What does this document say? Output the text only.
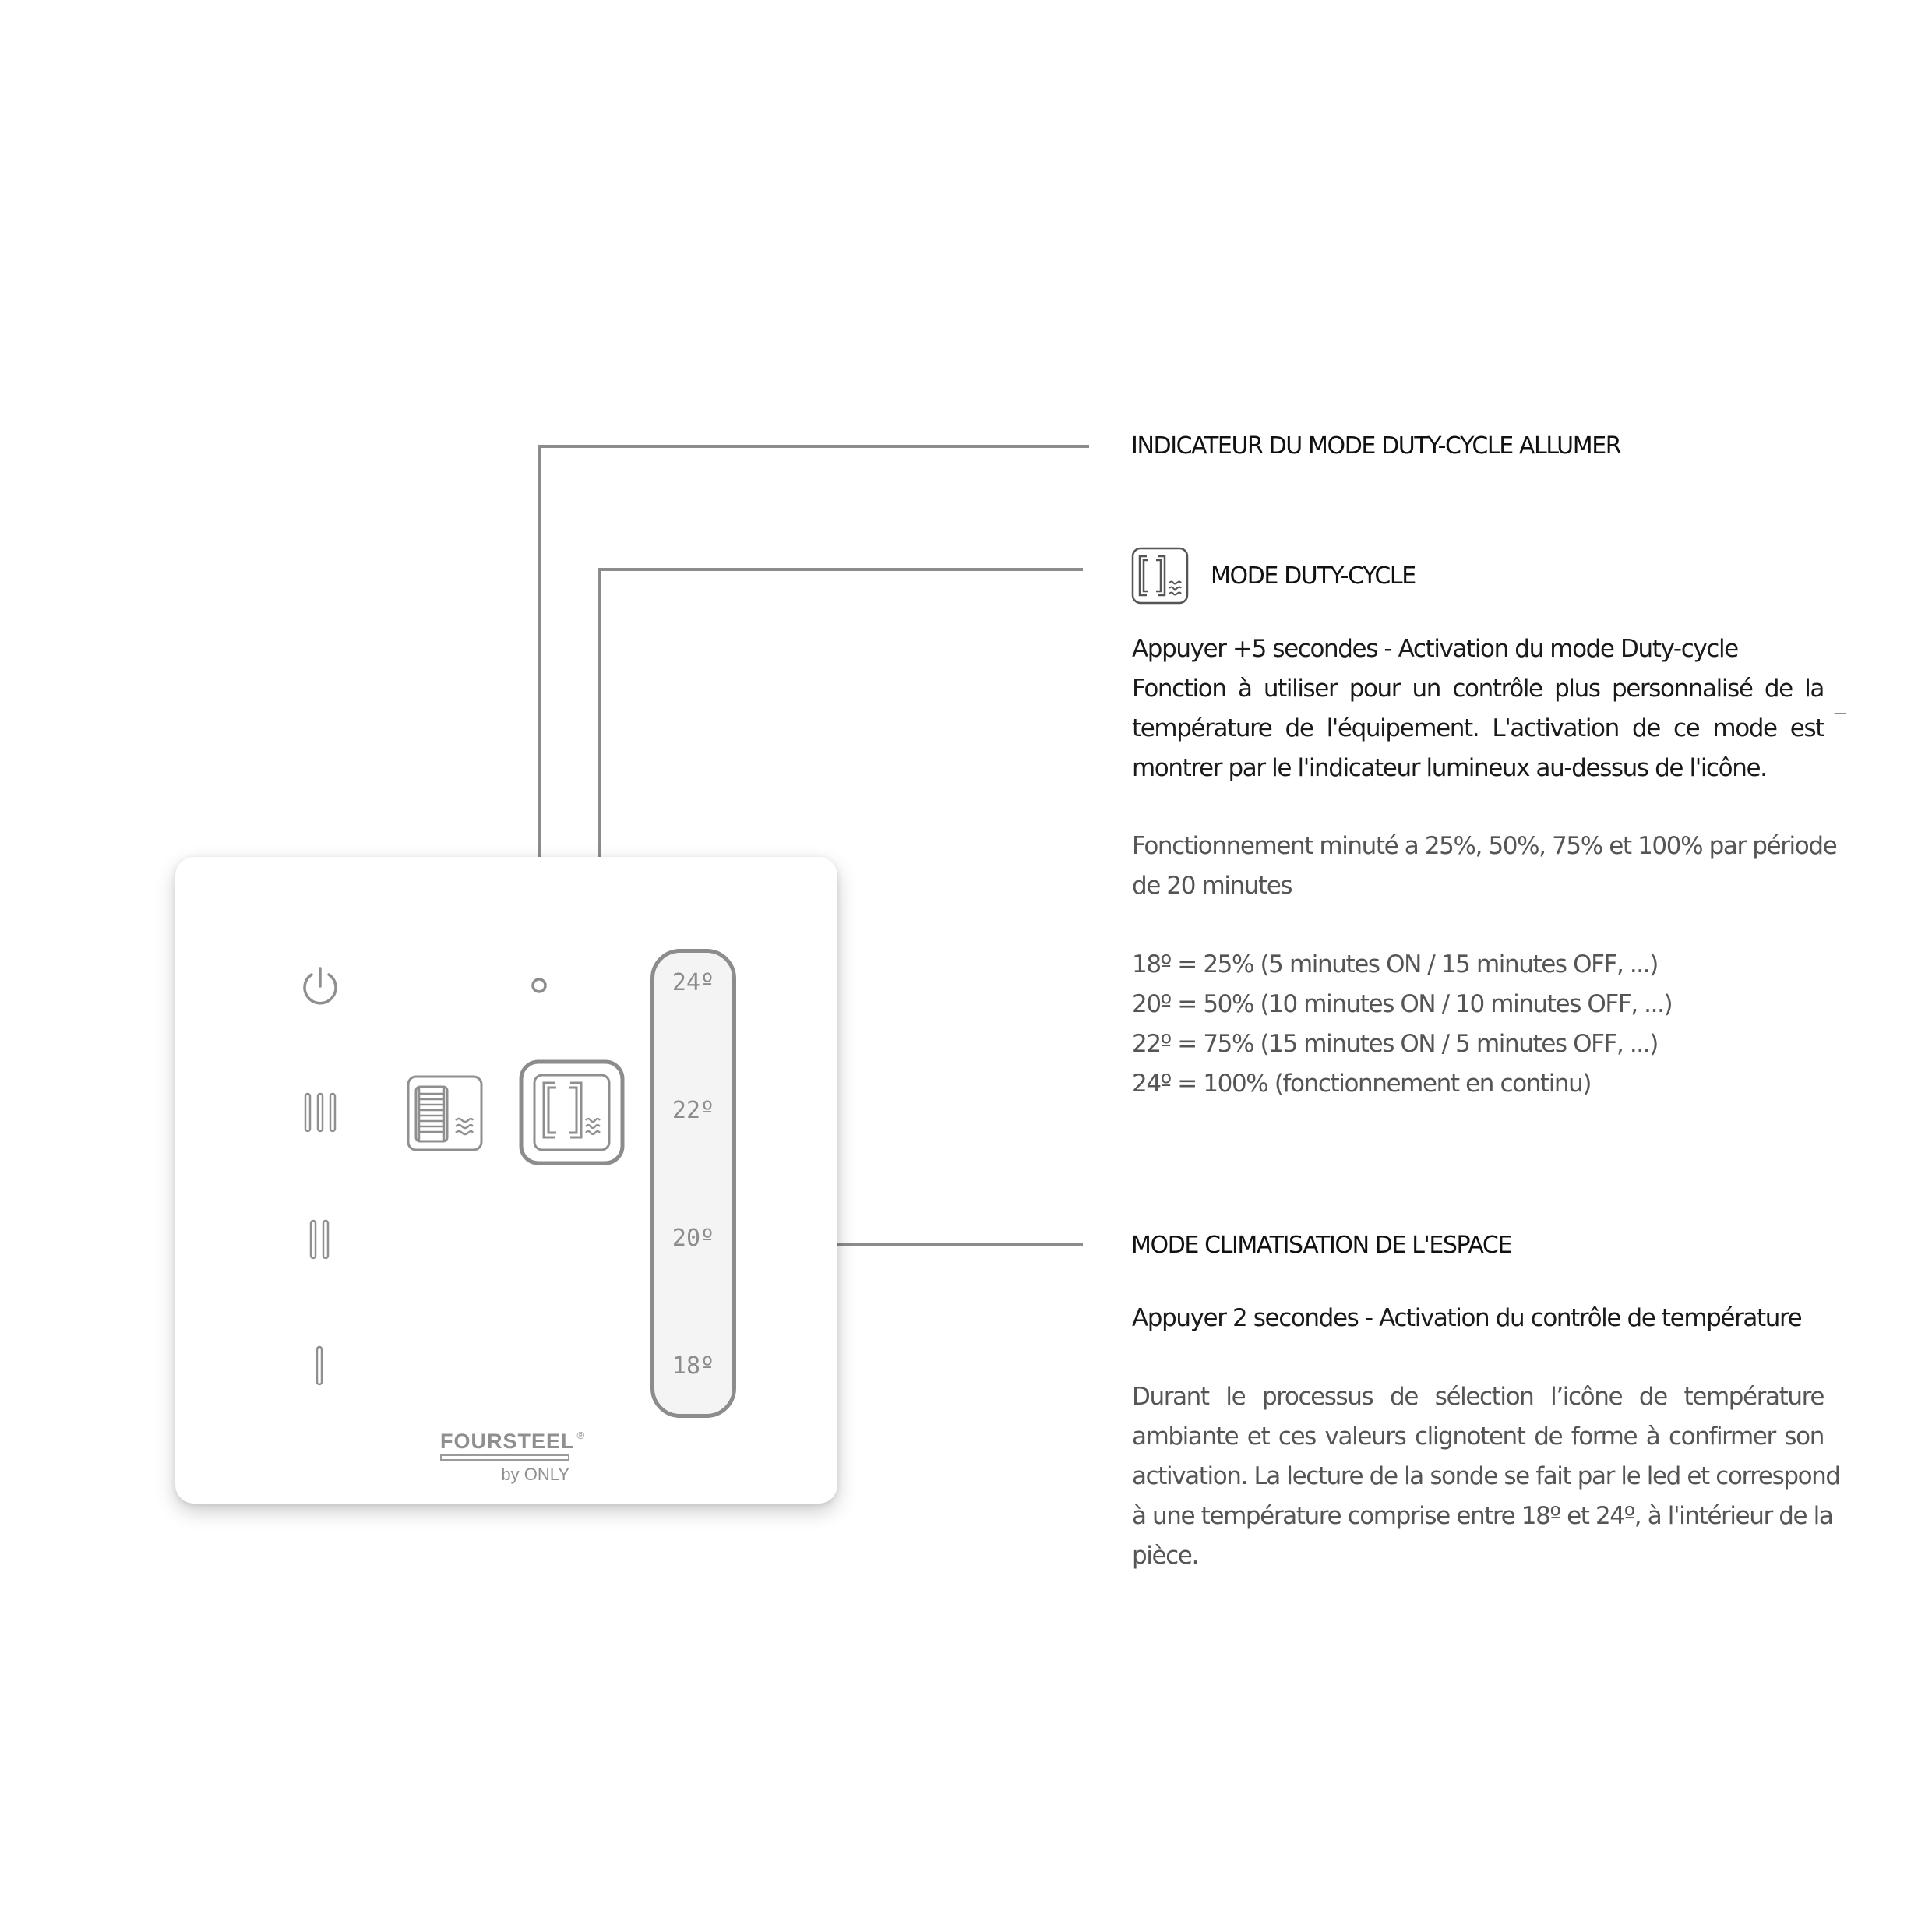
24º
22º
20º
18º
FOURSTEEL ®
by ONLY
INDICATEUR DU MODE DUTY-CYCLE ALLUMER
MODE DUTY-CYCLE
Appuyer +5 secondes - Activation du mode Duty-cycle
Fonction à utiliser pour un contrôle plus personnalisé de la
température de l'équipement. L'activation de ce mode est
montrer par le l'indicateur lumineux au-dessus de l'icône.
_
Fonctionnement minuté a 25%, 50%, 75% et 100% par période
de 20 minutes
18º = 25% (5 minutes ON / 15 minutes OFF, ...)
20º = 50% (10 minutes ON / 10 minutes OFF, ...)
22º = 75% (15 minutes ON / 5 minutes OFF, ...)
24º = 100% (fonctionnement en continu)
MODE CLIMATISATION DE L'ESPACE
Appuyer 2 secondes - Activation du contrôle de température
Durant le processus de sélection l’icône de température
ambiante et ces valeurs clignotent de forme à confirmer son
activation. La lecture de la sonde se fait par le led et correspond
à une température comprise entre 18º et 24º, à l'intérieur de la
pièce.
